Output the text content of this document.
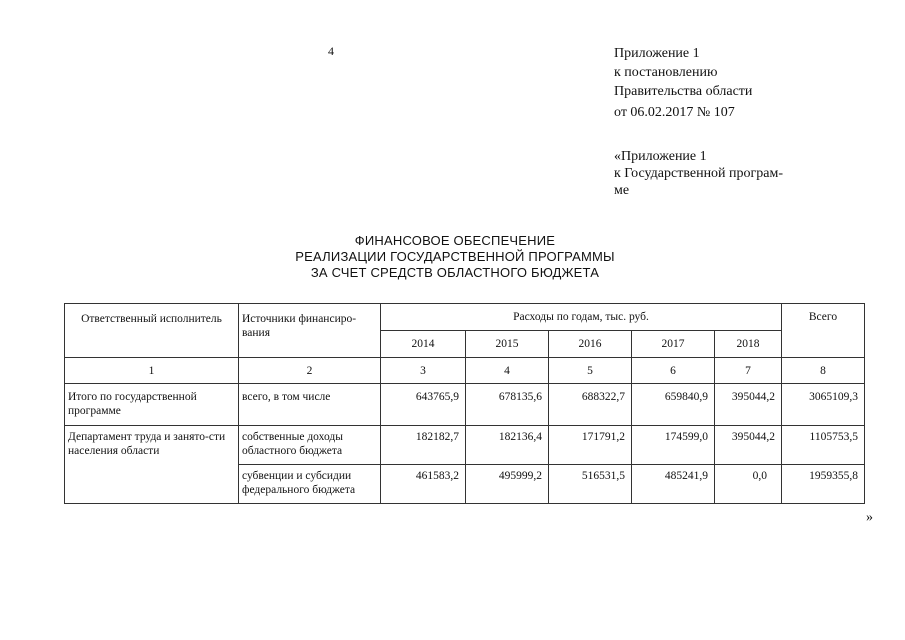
4	Приложение 1
к постановлению
Правительства области
от 06.02.2017 № 107
«Приложение 1
к Государственной програм-
ме
ФИНАНСОВОЕ ОБЕСПЕЧЕНИЕ
РЕАЛИЗАЦИИ ГОСУДАРСТВЕННОЙ ПРОГРАММЫ
ЗА СЧЕТ СРЕДСТВ ОБЛАСТНОГО БЮДЖЕТА
Ответственный исполнитель	Источники финансиро-вания	Расходы по годам, тыс. руб.					Всего
		2014	2015	2016	2017	2018	
1	2	3	4	5	6	7	8
Итого по государственной программе	всего, в том числе	643765,9	678135,6	688322,7	659840,9	395044,2	3065109,3
Департамент труда и занято-сти населения области	собственные доходы областного бюджета	182182,7	182136,4	171791,2	174599,0	395044,2	1105753,5
	субвенции и субсидии федерального бюджета	461583,2	495999,2	516531,5	485241,9	0,0	1959355,8
»
